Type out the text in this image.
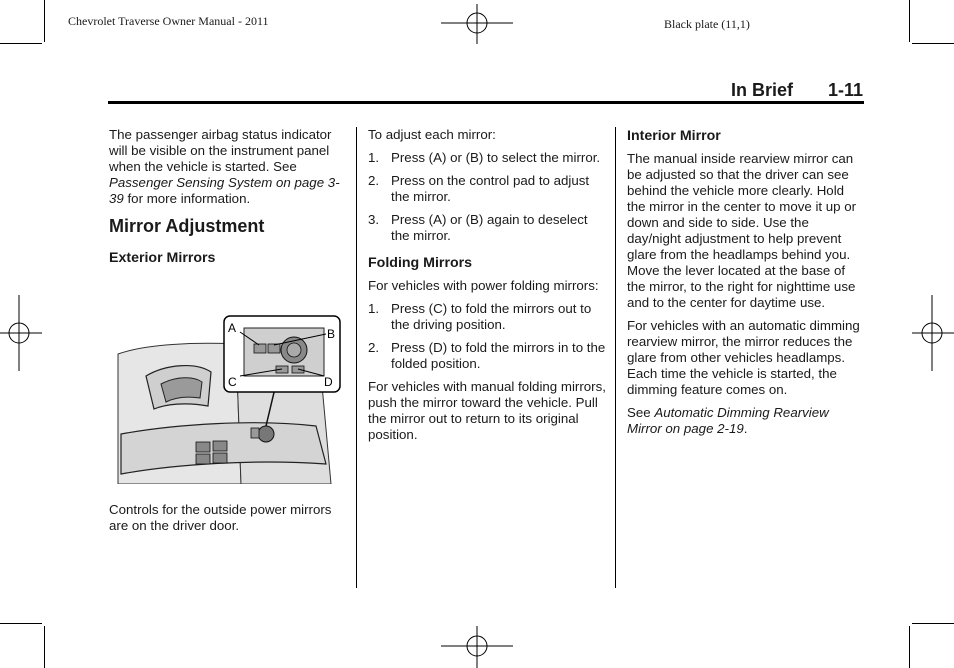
Chevrolet Traverse Owner Manual - 2011	Black plate (11,1)
In Brief 1-11

The passenger airbag status indicator will be visible on the instrument panel when the vehicle is started. See Passenger Sensing System on page 3-39 for more information.

Mirror Adjustment
Exterior Mirrors
A	B
C	D

Controls for the outside power mirrors are on the driver door.

To adjust each mirror:

1. Press (A) or (B) to select the mirror.
2. Press on the control pad to adjust the mirror.
3. Press (A) or (B) again to deselect the mirror.
Folding Mirrors

For vehicles with power folding mirrors:

1. Press (C) to fold the mirrors out to the driving position.
2. Press (D) to fold the mirrors in to the folded position.

For vehicles with manual folding mirrors, push the mirror toward the vehicle. Pull the mirror out to return to its original position.

Interior Mirror

The manual inside rearview mirror can be adjusted so that the driver can see behind the vehicle more clearly. Hold the mirror in the center to move it up or down and side to side. Use the day/night adjustment to help prevent glare from the headlamps behind you. Move the lever located at the base of the mirror, to the right for nighttime use and to the center for daytime use.

For vehicles with an automatic dimming rearview mirror, the mirror reduces the glare from other vehicles headlamps. Each time the vehicle is started, the dimming feature comes on.

See Automatic Dimming Rearview Mirror on page 2-19.
